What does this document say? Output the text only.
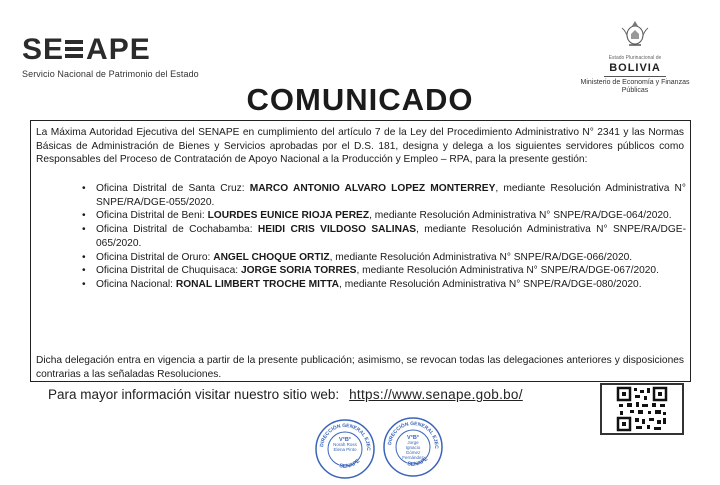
SE APE
Servicio Nacional de Patrimonio del Estado
Estado Plurinacional de
BOLIVIA
Ministerio de Economía y Finanzas Públicas
COMUNICADO
La Máxima Autoridad Ejecutiva del SENAPE en cumplimiento del artículo 7 de la Ley del Procedimiento Administrativo N° 2341 y las Normas Básicas de Administración de Bienes y Servicios aprobadas por el D.S. 181, designa y delega a los siguientes servidores públicos como Responsables del Proceso de Contratación de Apoyo Nacional a la Producción y Empleo – RPA, para la presente gestión:
• Oficina Distrital de Santa Cruz: MARCO ANTONIO ALVARO LOPEZ MONTERREY, mediante Resolución Administrativa N° SNPE/RA/DGE-055/2020.
• Oficina Distrital de Beni: LOURDES EUNICE RIOJA PEREZ, mediante Resolución Administrativa N° SNPE/RA/DGE-064/2020.
• Oficina Distrital de Cochabamba: HEIDI CRIS VILDOSO SALINAS, mediante Resolución Administrativa N° SNPE/RA/DGE-065/2020.
• Oficina Distrital de Oruro: ANGEL CHOQUE ORTIZ, mediante Resolución Administrativa N° SNPE/RA/DGE-066/2020.
• Oficina Distrital de Chuquisaca: JORGE SORIA TORRES, mediante Resolución Administrativa N° SNPE/RA/DGE-067/2020.
• Oficina Nacional: RONAL LIMBERT TROCHE MITTA, mediante Resolución Administrativa N° SNPE/RA/DGE-080/2020.
Dicha delegación entra en vigencia a partir de la presente publicación; asimismo, se revocan todas las delegaciones anteriores y disposiciones contrarias a las señaladas Resoluciones.
Para mayor información visitar nuestro sitio web: https://www.senape.gob.bo/
DIRECCIÓN GENERAL EJEC
SENAPE
V°B°
Norah Ross Elena Pinto
DIRECCIÓN GENERAL EJEC
SENAPE
V°B°
Jorge Ignacio Gómez Fernández
